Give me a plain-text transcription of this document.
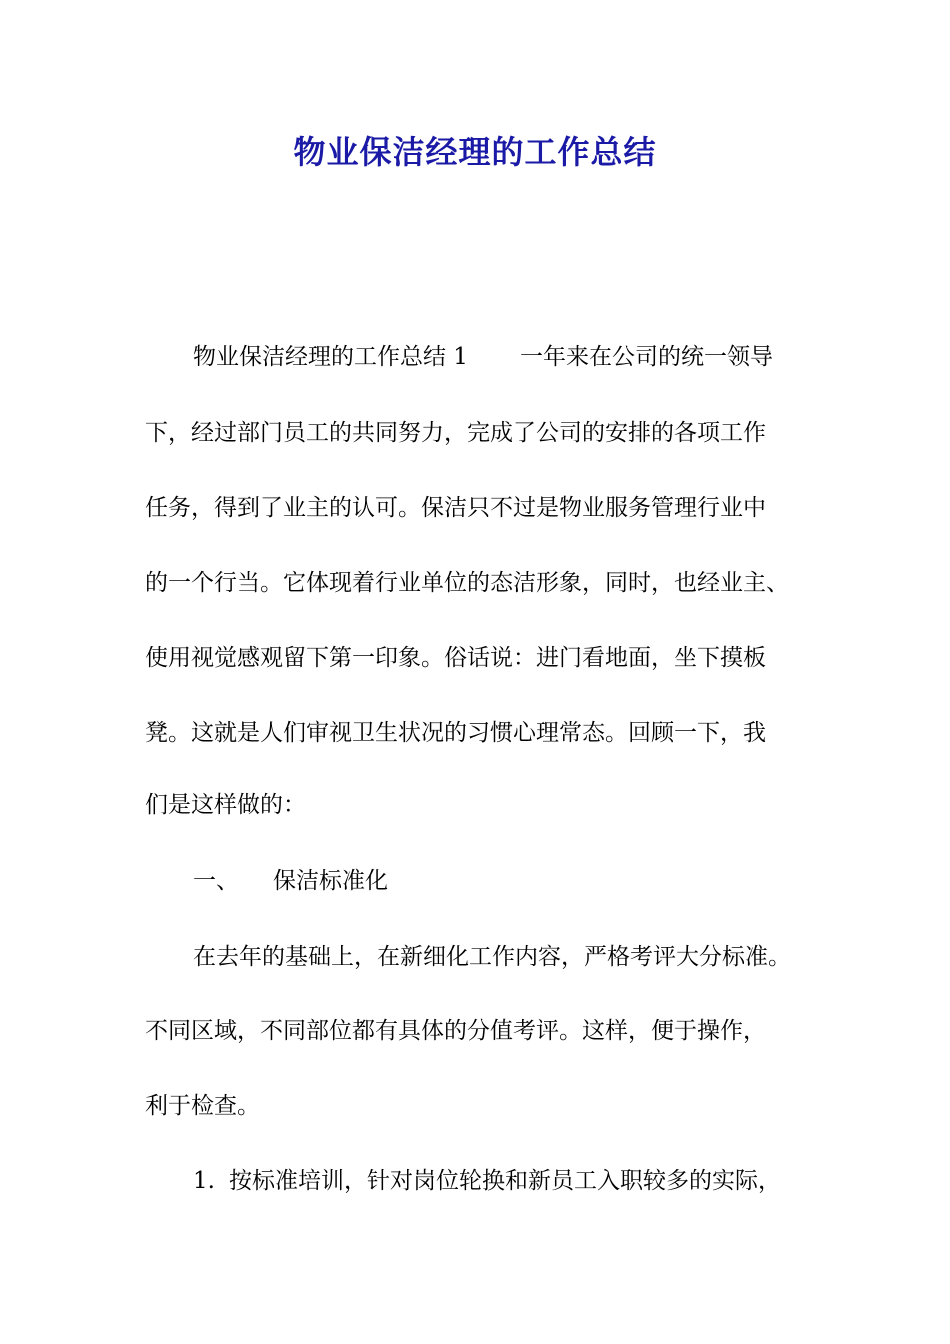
物业保洁经理的工作总结

物业保洁经理的工作总结 1 一年来在公司的统一领导

下，经过部门员工的共同努力，完成了公司的安排的各项工作

任务，得到了业主的认可。保洁只不过是物业服务管理行业中

的一个行当。它体现着行业单位的态洁形象，同时，也经业主、

使用视觉感观留下第一印象。俗话说：进门看地面，坐下摸板

凳。这就是人们审视卫生状况的习惯心理常态。回顾一下，我

们是这样做的：

一、 保洁标准化

在去年的基础上，在新细化工作内容，严格考评大分标准。

不同区域，不同部位都有具体的分值考评。这样，便于操作，

利于检查。

1. 按标准培训，针对岗位轮换和新员工入职较多的实际，
